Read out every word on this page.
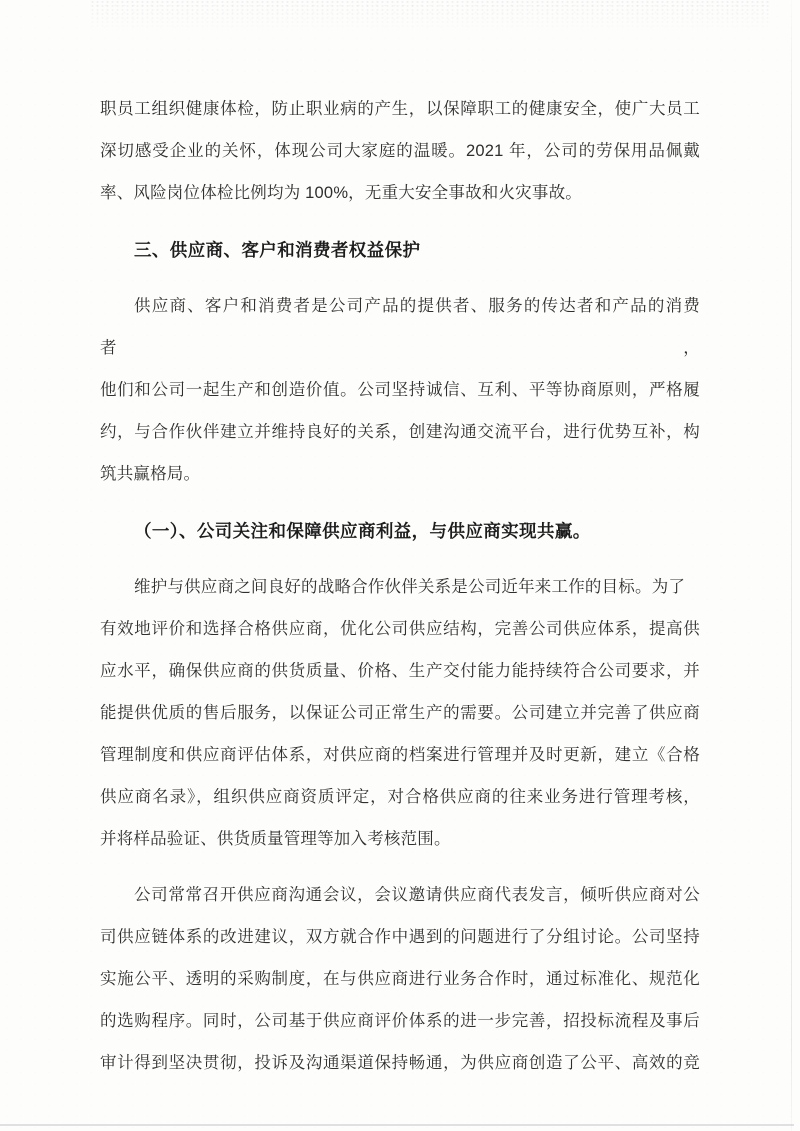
职员工组织健康体检，防止职业病的产生，以保障职工的健康安全，使广大员工
深切感受企业的关怀，体现公司大家庭的温暖。2021 年，公司的劳保用品佩戴
率、风险岗位体检比例均为 100%，无重大安全事故和火灾事故。

三、供应商、客户和消费者权益保护

供应商、客户和消费者是公司产品的提供者、服务的传达者和产品的消费者，
他们和公司一起生产和创造价值。公司坚持诚信、互利、平等协商原则，严格履
约，与合作伙伴建立并维持良好的关系，创建沟通交流平台，进行优势互补，构
筑共赢格局。

（一）、公司关注和保障供应商利益，与供应商实现共赢。

维护与供应商之间良好的战略合作伙伴关系是公司近年来工作的目标。为了
有效地评价和选择合格供应商，优化公司供应结构，完善公司供应体系，提高供
应水平，确保供应商的供货质量、价格、生产交付能力能持续符合公司要求，并
能提供优质的售后服务，以保证公司正常生产的需要。公司建立并完善了供应商
管理制度和供应商评估体系，对供应商的档案进行管理并及时更新，建立《合格
供应商名录》，组织供应商资质评定，对合格供应商的往来业务进行管理考核，
并将样品验证、供货质量管理等加入考核范围。

公司常常召开供应商沟通会议，会议邀请供应商代表发言，倾听供应商对公
司供应链体系的改进建议，双方就合作中遇到的问题进行了分组讨论。公司坚持
实施公平、透明的采购制度，在与供应商进行业务合作时，通过标准化、规范化
的选购程序。同时，公司基于供应商评价体系的进一步完善，招投标流程及事后
审计得到坚决贯彻，投诉及沟通渠道保持畅通，为供应商创造了公平、高效的竞
